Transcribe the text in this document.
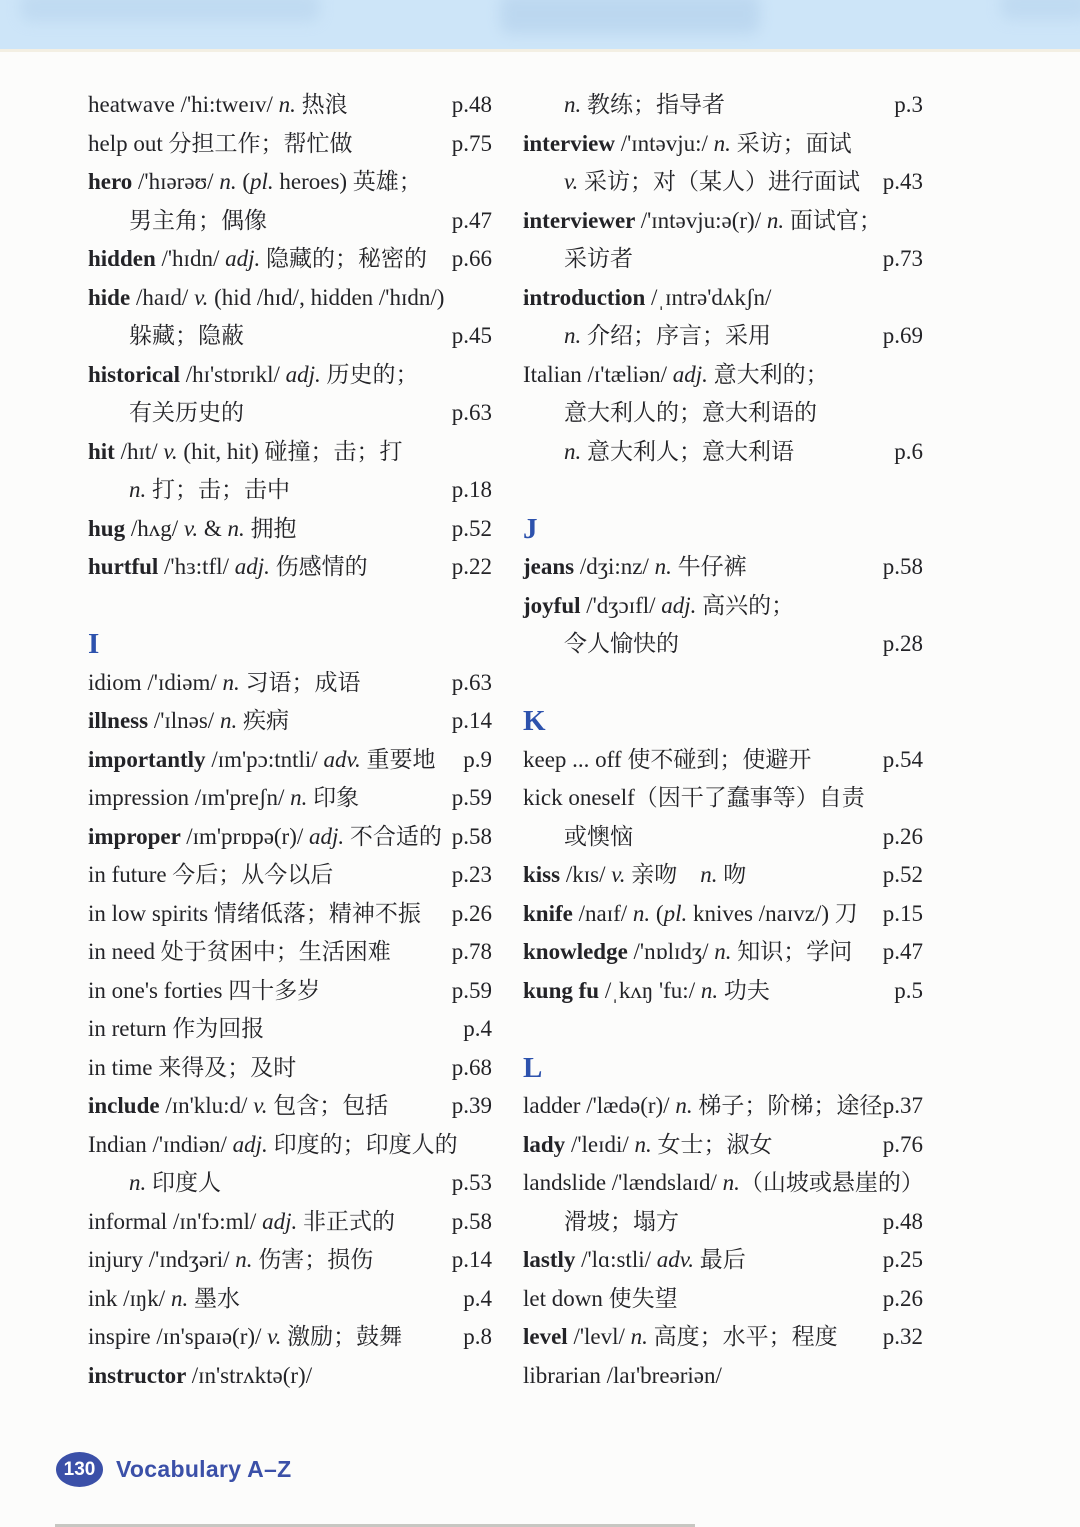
heatwave /'hi:tweɪv/ n. 热浪	p.48
help out 分担工作；帮忙做	p.75
hero /'hɪərəʊ/ n. (pl. heroes) 英雄；
男主角；偶像	p.47
hidden /'hɪdn/ adj. 隐藏的；秘密的 p.66
hide /haɪd/ v. (hid /hɪd/, hidden /'hɪdn/)
躲藏；隐蔽	p.45
historical /hɪ'stɒrɪkl/ adj. 历史的；
有关历史的	p.63
hit /hɪt/ v. (hit, hit) 碰撞；击；打
n. 打；击；击中	p.18
hug /hʌg/ v. & n. 拥抱	p.52
hurtful /'hɜ:tfl/ adj. 伤感情的	p.22
I
idiom /'ɪdiəm/ n. 习语；成语	p.63
illness /'ɪlnəs/ n. 疾病	p.14
importantly /ɪm'pɔ:tntli/ adv. 重要地 p.9
impression /ɪm'preʃn/ n. 印象	p.59
improper /ɪm'prɒpə(r)/ adj. 不合适的 p.58
in future 今后；从今以后	p.23
in low spirits 情绪低落；精神不振 p.26
in need 处于贫困中；生活困难	p.78
in one's forties 四十多岁	p.59
in return 作为回报	p.4
in time 来得及；及时	p.68
include /ɪn'klu:d/ v. 包含；包括	p.39
Indian /'ɪndiən/ adj. 印度的；印度人的
n. 印度人	p.53
informal /ɪn'fɔ:ml/ adj. 非正式的 p.58
injury /'ɪndʒəri/ n. 伤害；损伤	p.14
ink /ɪŋk/ n. 墨水	p.4
inspire /ɪn'spaɪə(r)/ v. 激励；鼓舞	p.8
instructor /ɪn'strʌktə(r)/
n. 教练；指导者	p.3
interview /'ɪntəvju:/ n. 采访；面试
v. 采访；对（某人）进行面试 p.43
interviewer /'ɪntəvju:ə(r)/ n. 面试官；
采访者	p.73
introduction /ˌɪntrə'dʌkʃn/
n. 介绍；序言；采用	p.69
Italian /ɪ'tæliən/ adj. 意大利的；
意大利人的；意大利语的
n. 意大利人；意大利语	p.6
J
jeans /dʒi:nz/ n. 牛仔裤	p.58
joyful /'dʒɔɪfl/ adj. 高兴的；
令人愉快的	p.28
K
keep ... off 使不碰到；使避开	p.54
kick oneself（因干了蠢事等）自责
或懊恼	p.26
kiss /kɪs/ v. 亲吻　n. 吻	p.52
knife /naɪf/ n. (pl. knives /naɪvz/) 刀 p.15
knowledge /'nɒlɪdʒ/ n. 知识；学问 p.47
kung fu /ˌkʌŋ 'fu:/ n. 功夫	p.5
L
ladder /'lædə(r)/ n. 梯子；阶梯；途径 p.37
lady /'leɪdi/ n. 女士；淑女	p.76
landslide /'lændslaɪd/ n.（山坡或悬崖的）
滑坡；塌方	p.48
lastly /'lɑ:stli/ adv. 最后	p.25
let down 使失望	p.26
level /'levl/ n. 高度；水平；程度 p.32
librarian /laɪ'breəriən/
130 Vocabulary A–Z
